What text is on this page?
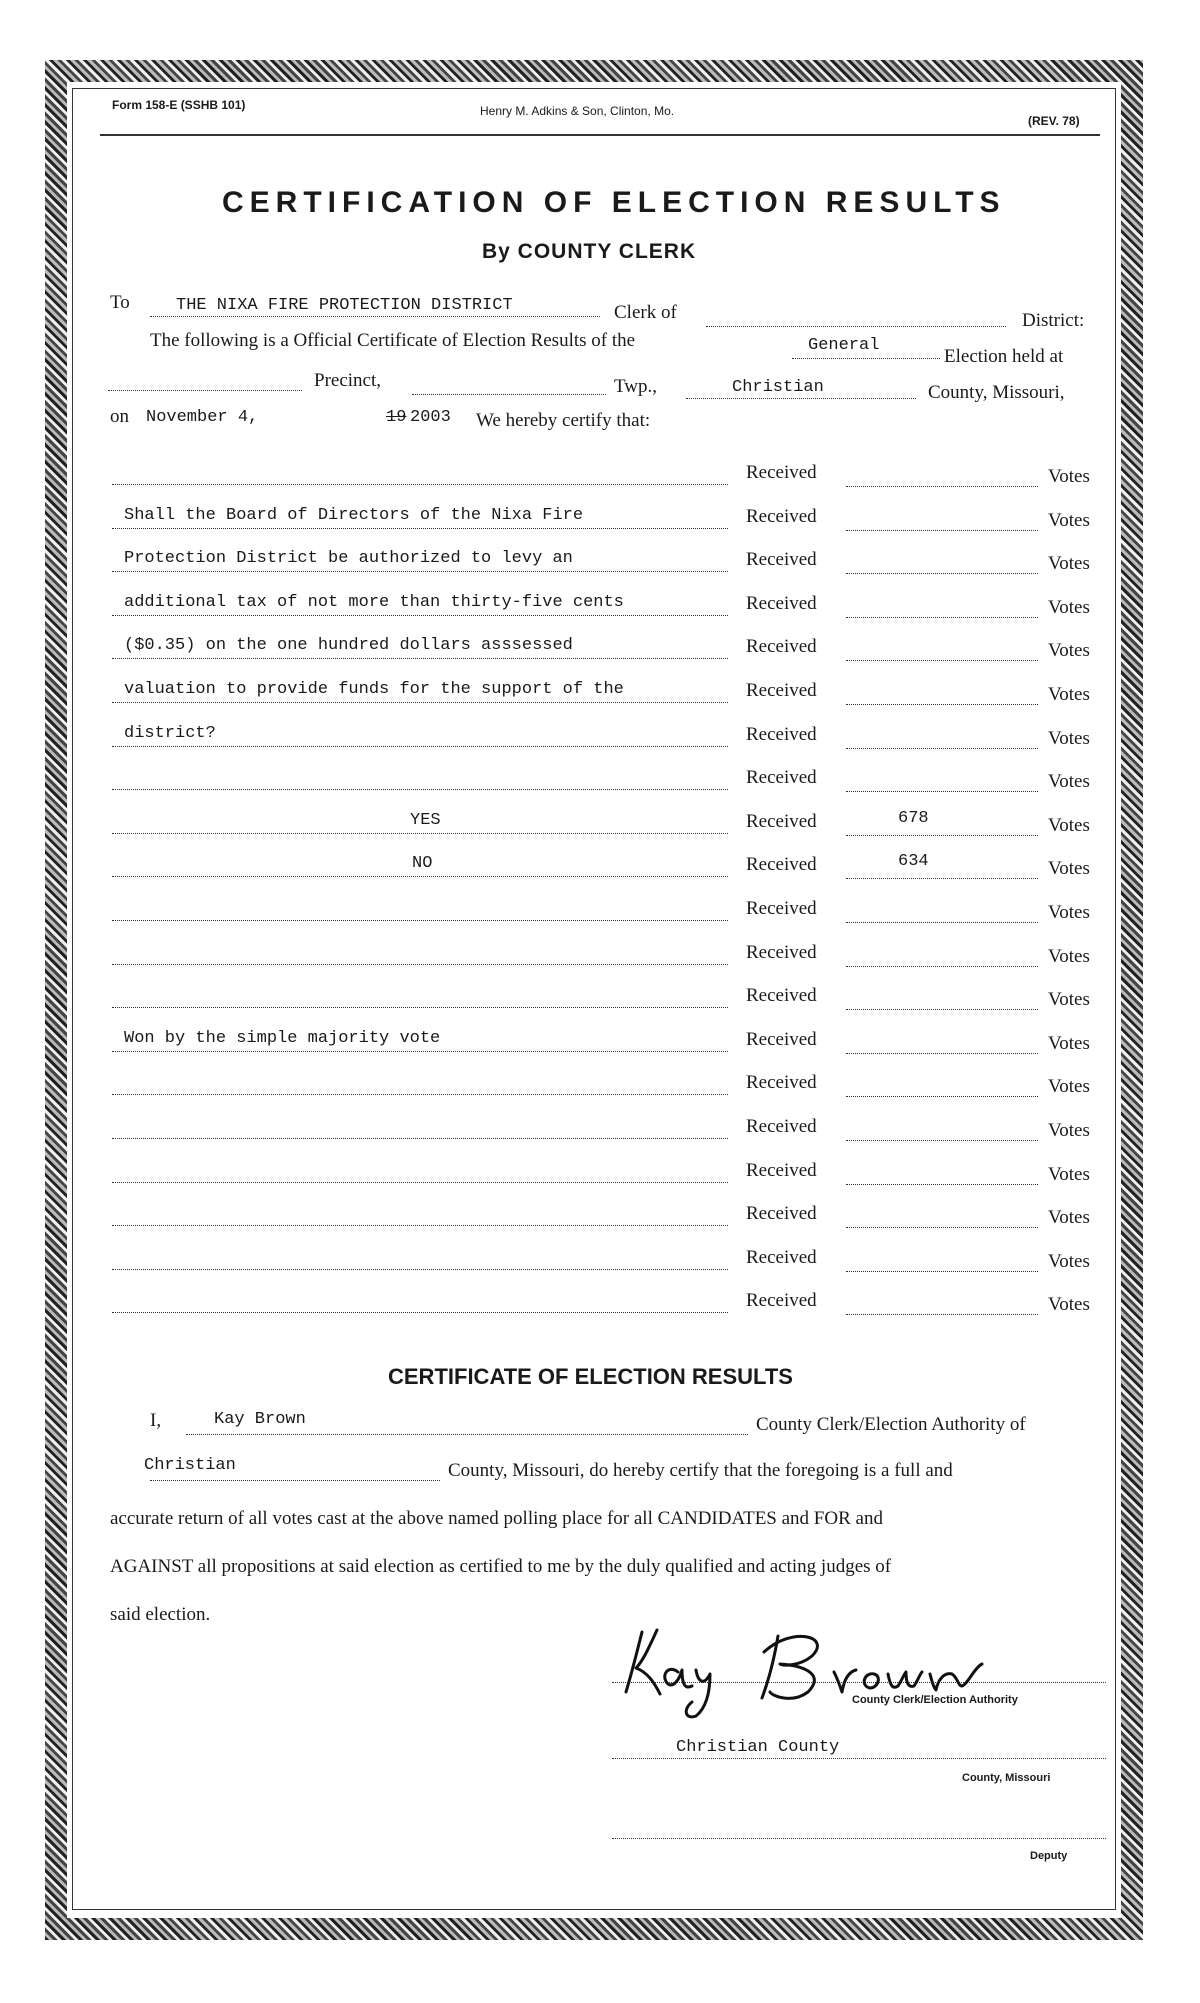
Form 158-E (SSHB 101)	Henry M. Adkins & Son, Clinton, Mo.
(REV. 78)
CERTIFICATION OF ELECTION RESULTS
By COUNTY CLERK
To	THE NIXA FIRE PROTECTION DISTRICT	Clerk of	District:
The following is a Official Certificate of Election Results of the	General
Election held at
Precinct,	Twp.,	Christian	County, Missouri,
on November 4,	19 2003 We hereby certify that:
Received	Votes
Shall the Board of Directors of the Nixa Fire	Received	Votes
Protection District be authorized to levy an	Received	Votes
additional tax of not more than thirty-five cents	Received	Votes
($0.35) on the one hundred dollars asssessed	Received	Votes
valuation to provide funds for the support of the	Received	Votes
district?	Received	Votes
Received	Votes
YES	Received	678	Votes
NO	Received	634	Votes
Received	Votes
Received	Votes
Received	Votes
Won by the simple majority vote	Received	Votes
Received	Votes
Received	Votes
Received	Votes
Received	Votes
Received	Votes
Received	Votes
CERTIFICATE OF ELECTION RESULTS
I,	Kay Brown	County Clerk/Election Authority of
Christian	County, Missouri, do hereby certify that the foregoing is a full and
accurate return of all votes cast at the above named polling place for all CANDIDATES and FOR and
AGAINST all propositions at said election as certified to me by the duly qualified and acting judges of
said election.
County Clerk/Election Authority
Christian County
County, Missouri
Deputy
